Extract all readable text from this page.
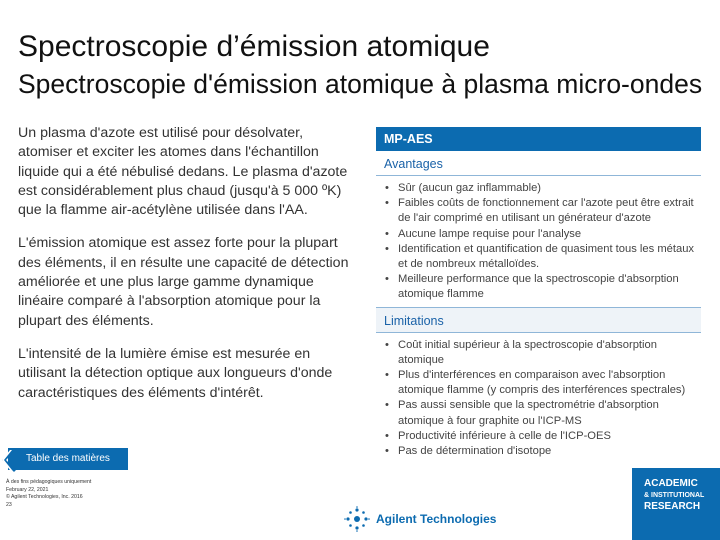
Spectroscopie d’émission atomique
Spectroscopie d'émission atomique à plasma micro-ondes

Un plasma d'azote est utilisé pour désolvater, atomiser et exciter les atomes dans l'échantillon liquide qui a été nébulisé dedans. Le plasma d'azote est considérablement plus chaud (jusqu'à 5 000 ºK) que la flamme air-acétylène utilisée dans l'AA.

L'émission atomique est assez forte pour la plupart des éléments, il en résulte une capacité de détection améliorée et une plus large gamme dynamique linéaire comparé à l'absorption atomique pour la plupart des éléments.

L'intensité de la lumière émise est mesurée en utilisant la détection optique aux longueurs d'onde caractéristiques des éléments d'intérêt.

MP-AES
Avantages
• Sûr (aucun gaz inflammable)
• Faibles coûts de fonctionnement car l'azote peut être extrait de l'air comprimé en utilisant un générateur d'azote
• Aucune lampe requise pour l'analyse
• Identification et quantification de quasiment tous les métaux et de nombreux métalloïdes.
• Meilleure performance que la spectroscopie d'absorption atomique flamme
Limitations
• Coût initial supérieur à la spectroscopie d'absorption atomique
• Plus d'interférences en comparaison avec l'absorption atomique flamme (y compris des interférences spectrales)
• Pas aussi sensible que la spectrométrie d'absorption atomique à four graphite ou l'ICP-MS
• Productivité inférieure à celle de l'ICP-OES
• Pas de détermination d'isotope
Table des matières
À des fins pédagogiques uniquement
February 22, 2021
© Agilent Technologies, Inc. 2016
23
Agilent Technologies
ACADEMIC
& INSTITUTIONAL
RESEARCH
